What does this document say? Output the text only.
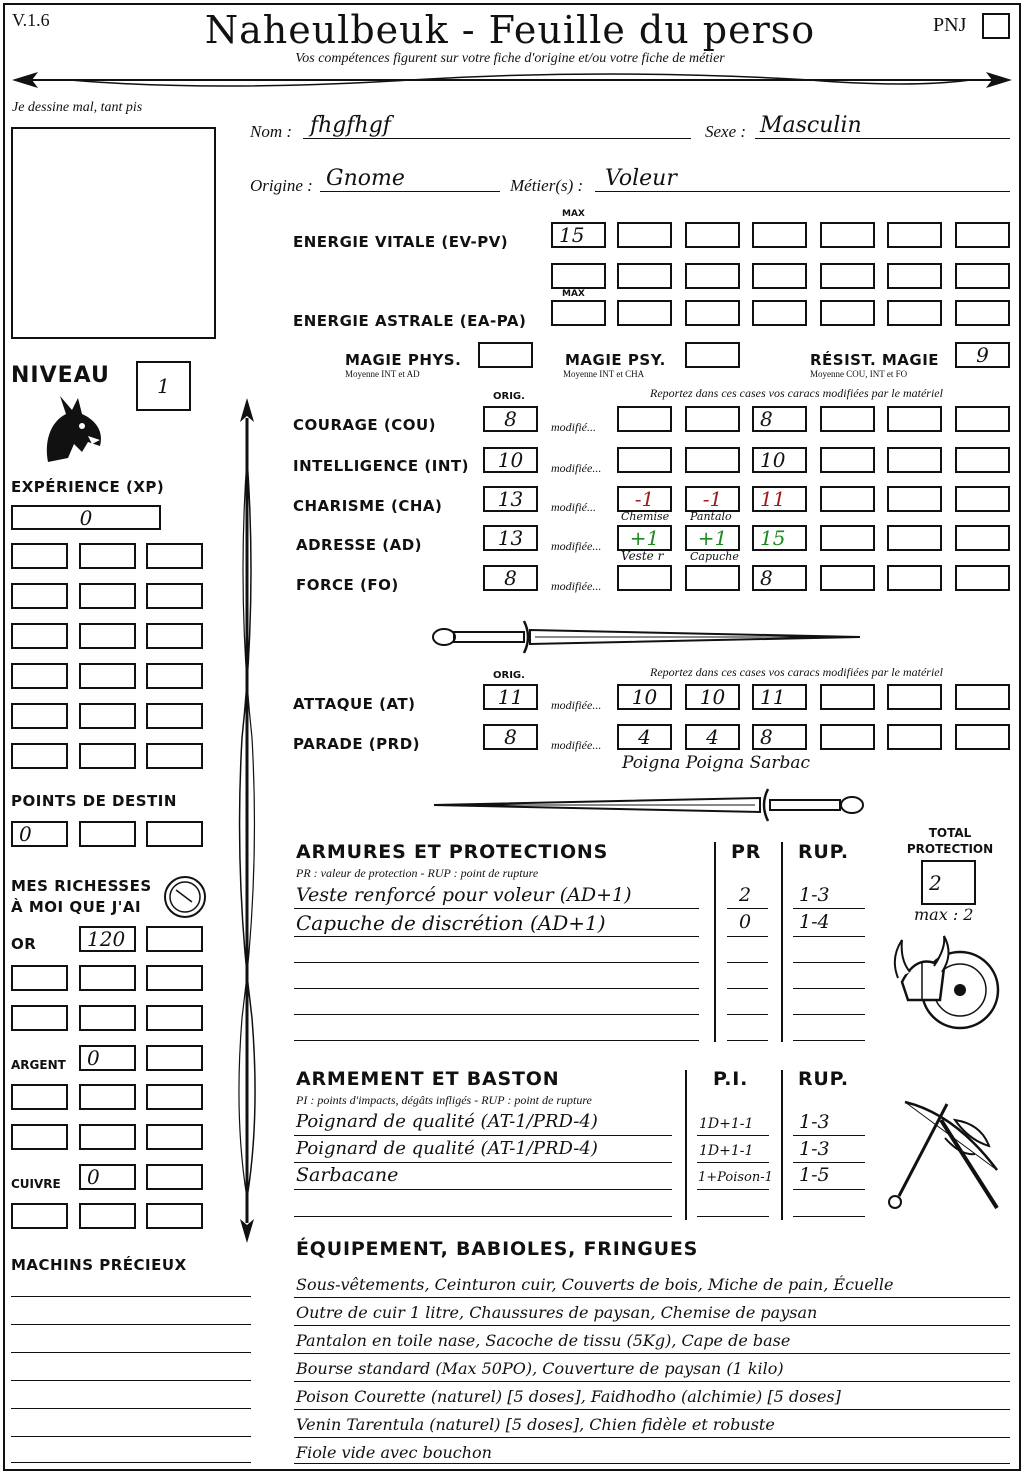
V.1.6	Naheulbeuk - Feuille du perso
Vos compétences figurent sur votre fiche d'origine et/ou votre fiche de métier
PNJ
Je dessine mal, tant pis
Nom : fhgfhgf	Sexe : Masculin
Origine : Gnome	Métier(s) : Voleur
MAX
ENERGIE VITALE (EV-PV)	15
MAX
ENERGIE ASTRALE (EA-PA)
MAGIE PHYS.
Moyenne INT et AD
MAGIE PSY.
Moyenne INT et CHA
RÉSIST. MAGIE
Moyenne COU, INT et FO
9
NIVEAU	1
EXPÉRIENCE (XP)
0
POINTS DE DESTIN
0
MES RICHESSES
À MOI QUE J'AI
OR	120
ARGENT	0
CUIVRE	0
MACHINS PRÉCIEUX
ORIG.	Reportez dans ces cases vos caracs modifiées par le matériel
COURAGE (COU)	8	modifié...	8
INTELLIGENCE (INT)	10	modifiée...	10
CHARISME (CHA)	13	modifié...	-1	-1	11
Chemise Pantalo
ADRESSE (AD)	13	modifiée...	+1	+1	15
Veste r Capuche
FORCE (FO)	8	modifiée...	8
ORIG.	Reportez dans ces cases vos caracs modifiées par le matériel
ATTAQUE (AT)	11	modifiée...	10	10	11
PARADE (PRD)	8	modifiée...	4	4	8
Poigna Poigna Sarbac
ARMURES ET PROTECTIONS
PR : valeur de protection - RUP : point de rupture
PR RUP.
Veste renforcé pour voleur (AD+1)	2	1-3
Capuche de discrétion (AD+1)	0	1-4
TOTAL
PROTECTION
2
max : 2
ARMEMENT ET BASTON
PI : points d'impacts, dégâts infligés - RUP : point de rupture
P.I.	RUP.
Poignard de qualité (AT-1/PRD-4)	1D+1-1 1-3
Poignard de qualité (AT-1/PRD-4)	1D+1-1 1-3
Sarbacane	1+Poison-1 1-5
ÉQUIPEMENT, BABIOLES, FRINGUES
Sous-vêtements, Ceinturon cuir, Couverts de bois, Miche de pain, Écuelle
Outre de cuir 1 litre, Chaussures de paysan, Chemise de paysan
Pantalon en toile nase, Sacoche de tissu (5Kg), Cape de base
Bourse standard (Max 50PO), Couverture de paysan (1 kilo)
Poison Courette (naturel) [5 doses], Faidhodho (alchimie) [5 doses]
Venin Tarentula (naturel) [5 doses], Chien fidèle et robuste
Fiole vide avec bouchon
